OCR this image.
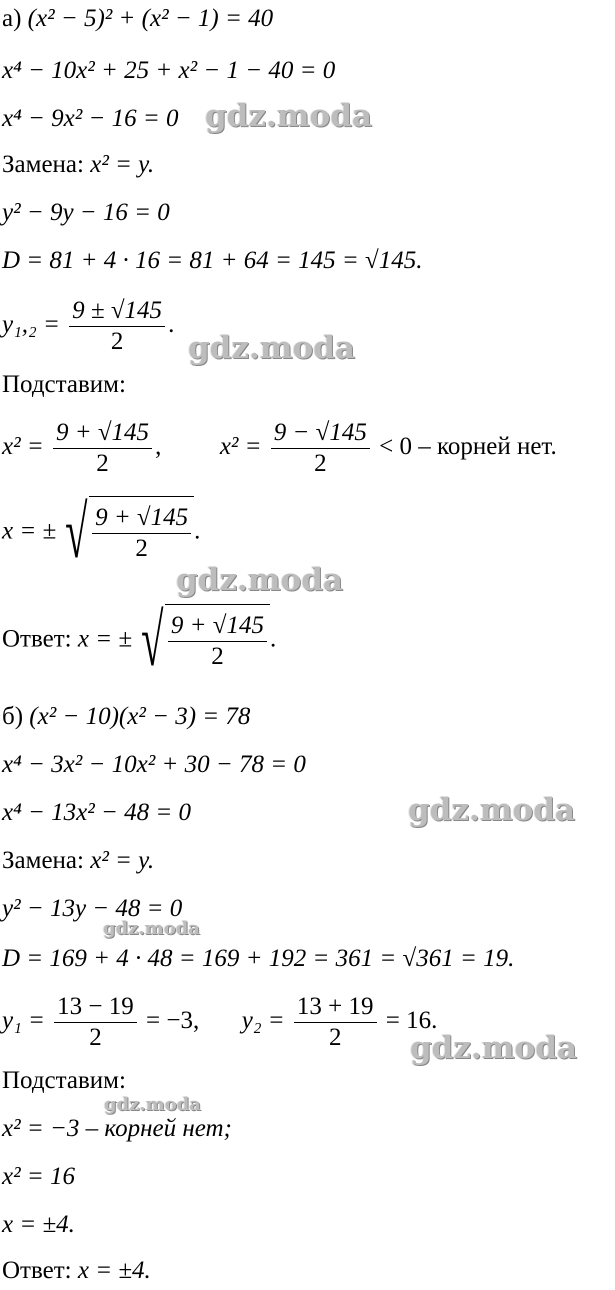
а) (x² − 5)² + (x² − 1) = 40
x⁴ − 10x² + 25 + x² − 1 − 40 = 0
x⁴ − 9x² − 16 = 0
Замена: x² = y.
y² − 9y − 16 = 0
D = 81 + 4 · 16 = 81 + 64 = 145 = √145.
$y_1,_2 = \frac{9 \pm √145}{2}$ .
Подставим:
$x^2 = \frac{9 + √145}{2}$ ,  $x^2 = \frac{9 - √145}{2} < 0$ – корней нет.
x = ± √ $\frac{9 + √145}{2}$ .
Ответ: x = ± √ $\frac{9 + √145}{2}$ .
б) (x² − 10)(x² − 3) = 78
x⁴ − 3x² − 10x² + 30 − 78 = 0
x⁴ − 13x² − 48 = 0
Замена: x² = y.
y² − 13y − 48 = 0
D = 169 + 4 · 48 = 169 + 192 = 361 = √361 = 19.
$y_1 = \frac{13 - 19}{2} = -3$, $y_2 = \frac{13 + 19}{2} = 16$.
Подставим:
x² = −3 – корней нет;
x² = 16
x = ±4.
Ответ: x = ±4.
gdz.moda
gdz.moda
gdz.moda
gdz.moda
gdz.moda
gdz.moda
gdz.moda
